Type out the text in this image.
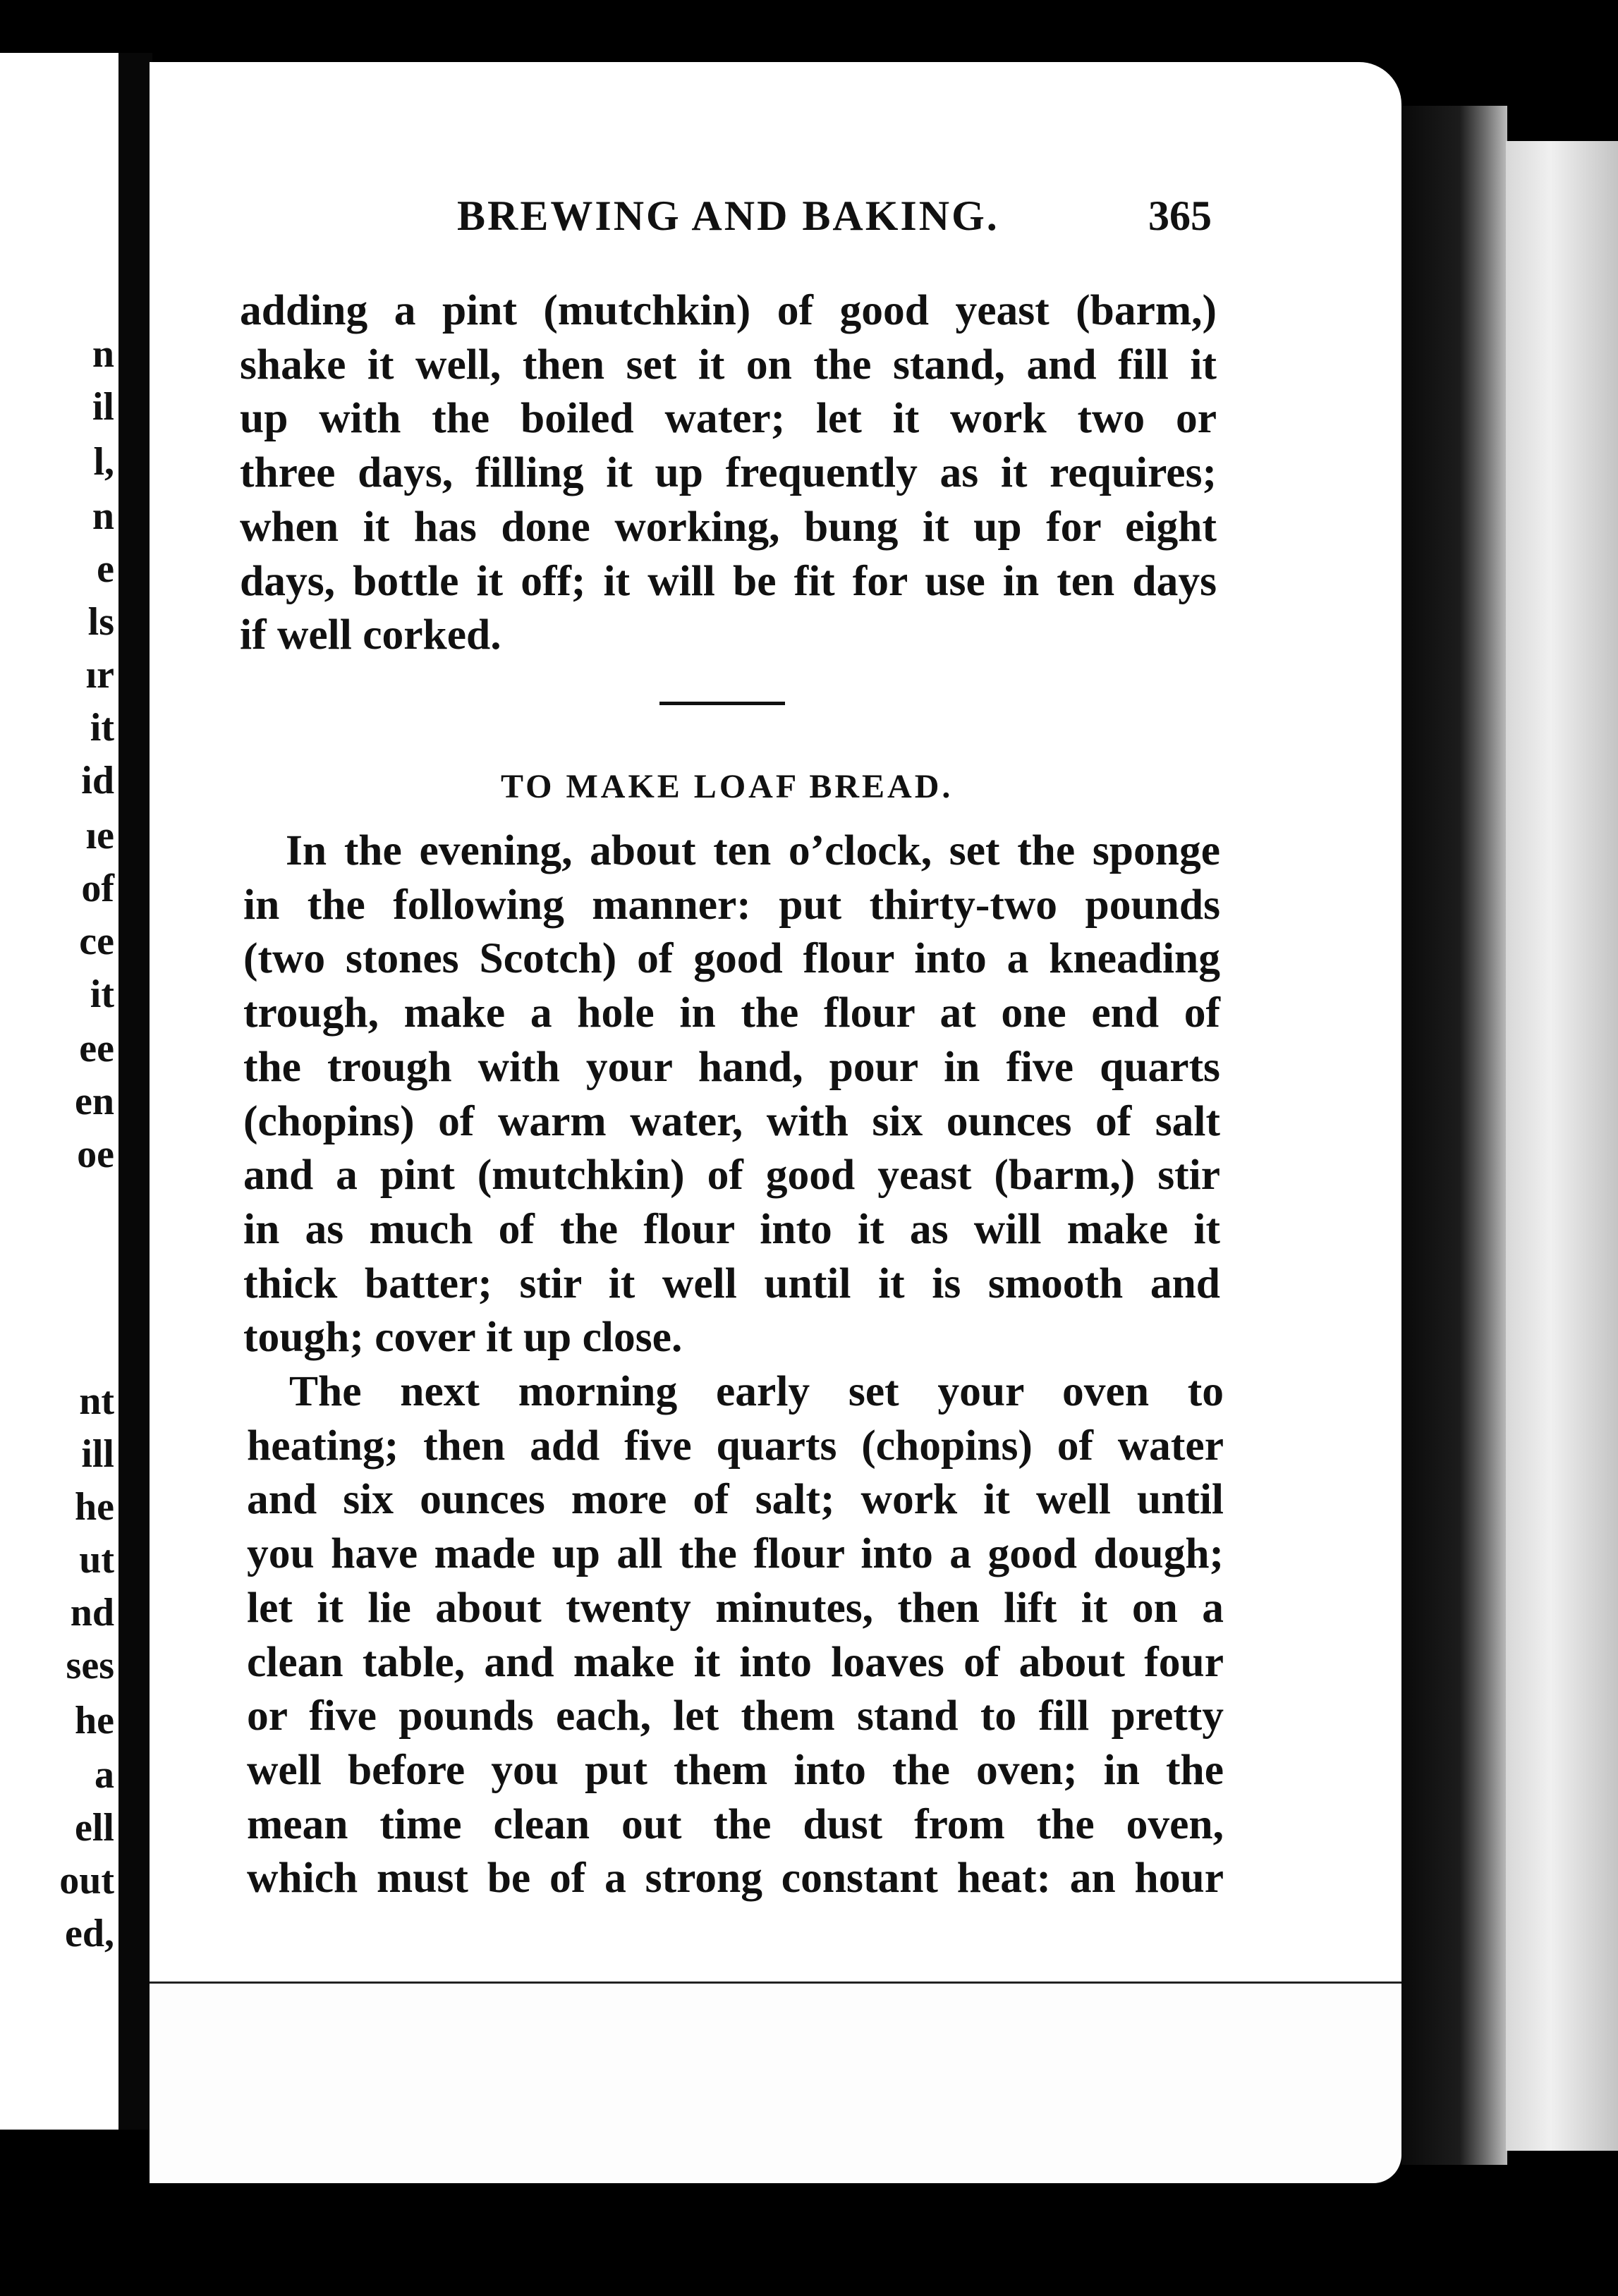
n
il
l,
n
e
ls
ır
it
id
ıe
of
ce
it
ee
en
oe
nt
ill
he
ut
nd
ses
he
a
ell
out
ed,
BREWING AND BAKING.	365
adding a pint (mutchkin) of good yeast (barm,)
shake it well, then set it on the stand, and fill it
up with the boiled water; let it work two or
three days, filling it up frequently as it requires;
when it has done working, bung it up for eight
days, bottle it off; it will be fit for use in ten days
if well corked.
TO MAKE LOAF BREAD.
In the evening, about ten o’clock, set the sponge
in the following manner: put thirty-two pounds
(two stones Scotch) of good flour into a kneading
trough, make a hole in the flour at one end of
the trough with your hand, pour in five quarts
(chopins) of warm water, with six ounces of salt
and a pint (mutchkin) of good yeast (barm,) stir
in as much of the flour into it as will make it
thick batter; stir it well until it is smooth and
tough; cover it up close.
The next morning early set your oven to
heating; then add five quarts (chopins) of water
and six ounces more of salt; work it well until
you have made up all the flour into a good dough;
let it lie about twenty minutes, then lift it on a
clean table, and make it into loaves of about four
or five pounds each, let them stand to fill pretty
well before you put them into the oven; in the
mean time clean out the dust from the oven,
which must be of a strong constant heat: an hour
